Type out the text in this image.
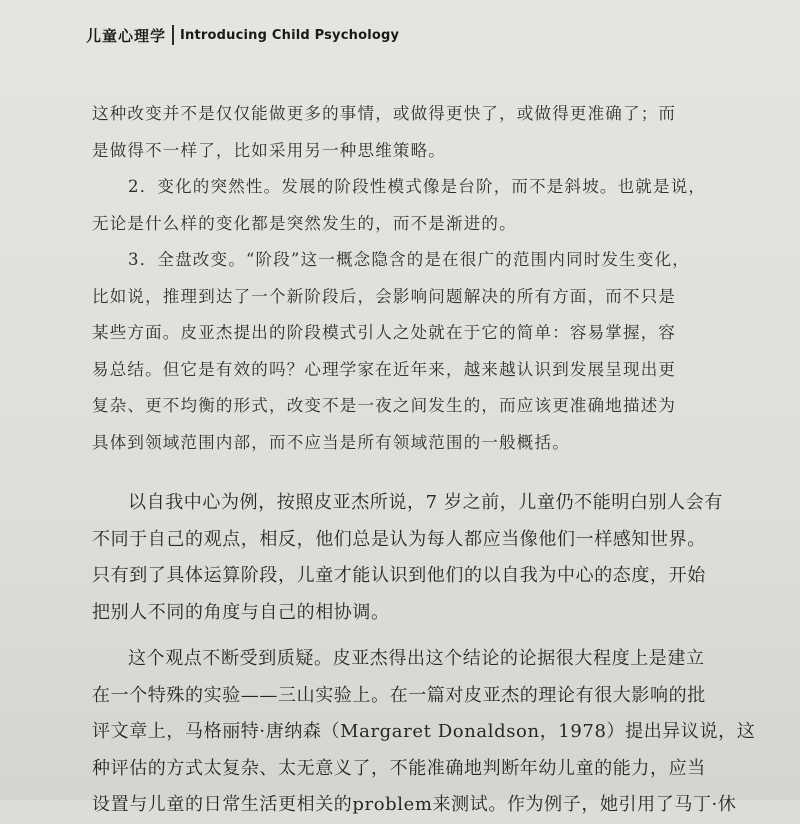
儿童心理学 Introducing Child Psychology
这种改变并不是仅仅能做更多的事情，或做得更快了，或做得更准确了；而
是做得不一样了，比如采用另一种思维策略。
2．变化的突然性。发展的阶段性模式像是台阶，而不是斜坡。也就是说，
无论是什么样的变化都是突然发生的，而不是渐进的。
3．全盘改变。“阶段”这一概念隐含的是在很广的范围内同时发生变化，
比如说，推理到达了一个新阶段后，会影响问题解决的所有方面，而不只是
某些方面。皮亚杰提出的阶段模式引人之处就在于它的简单：容易掌握，容
易总结。但它是有效的吗？心理学家在近年来，越来越认识到发展呈现出更
复杂、更不均衡的形式，改变不是一夜之间发生的，而应该更准确地描述为
具体到领域范围内部，而不应当是所有领域范围的一般概括。
以自我中心为例，按照皮亚杰所说，7 岁之前，儿童仍不能明白别人会有
不同于自己的观点，相反，他们总是认为每人都应当像他们一样感知世界。
只有到了具体运算阶段，儿童才能认识到他们的以自我为中心的态度，开始
把别人不同的角度与自己的相协调。
这个观点不断受到质疑。皮亚杰得出这个结论的论据很大程度上是建立
在一个特殊的实验——三山实验上。在一篇对皮亚杰的理论有很大影响的批
评文章上，马格丽特·唐纳森（Margaret Donaldson，1978）提出异议说，这
种评估的方式太复杂、太无意义了，不能准确地判断年幼儿童的能力，应当
设置与儿童的日常生活更相关的problem来测试。作为例子，她引用了马丁·休
